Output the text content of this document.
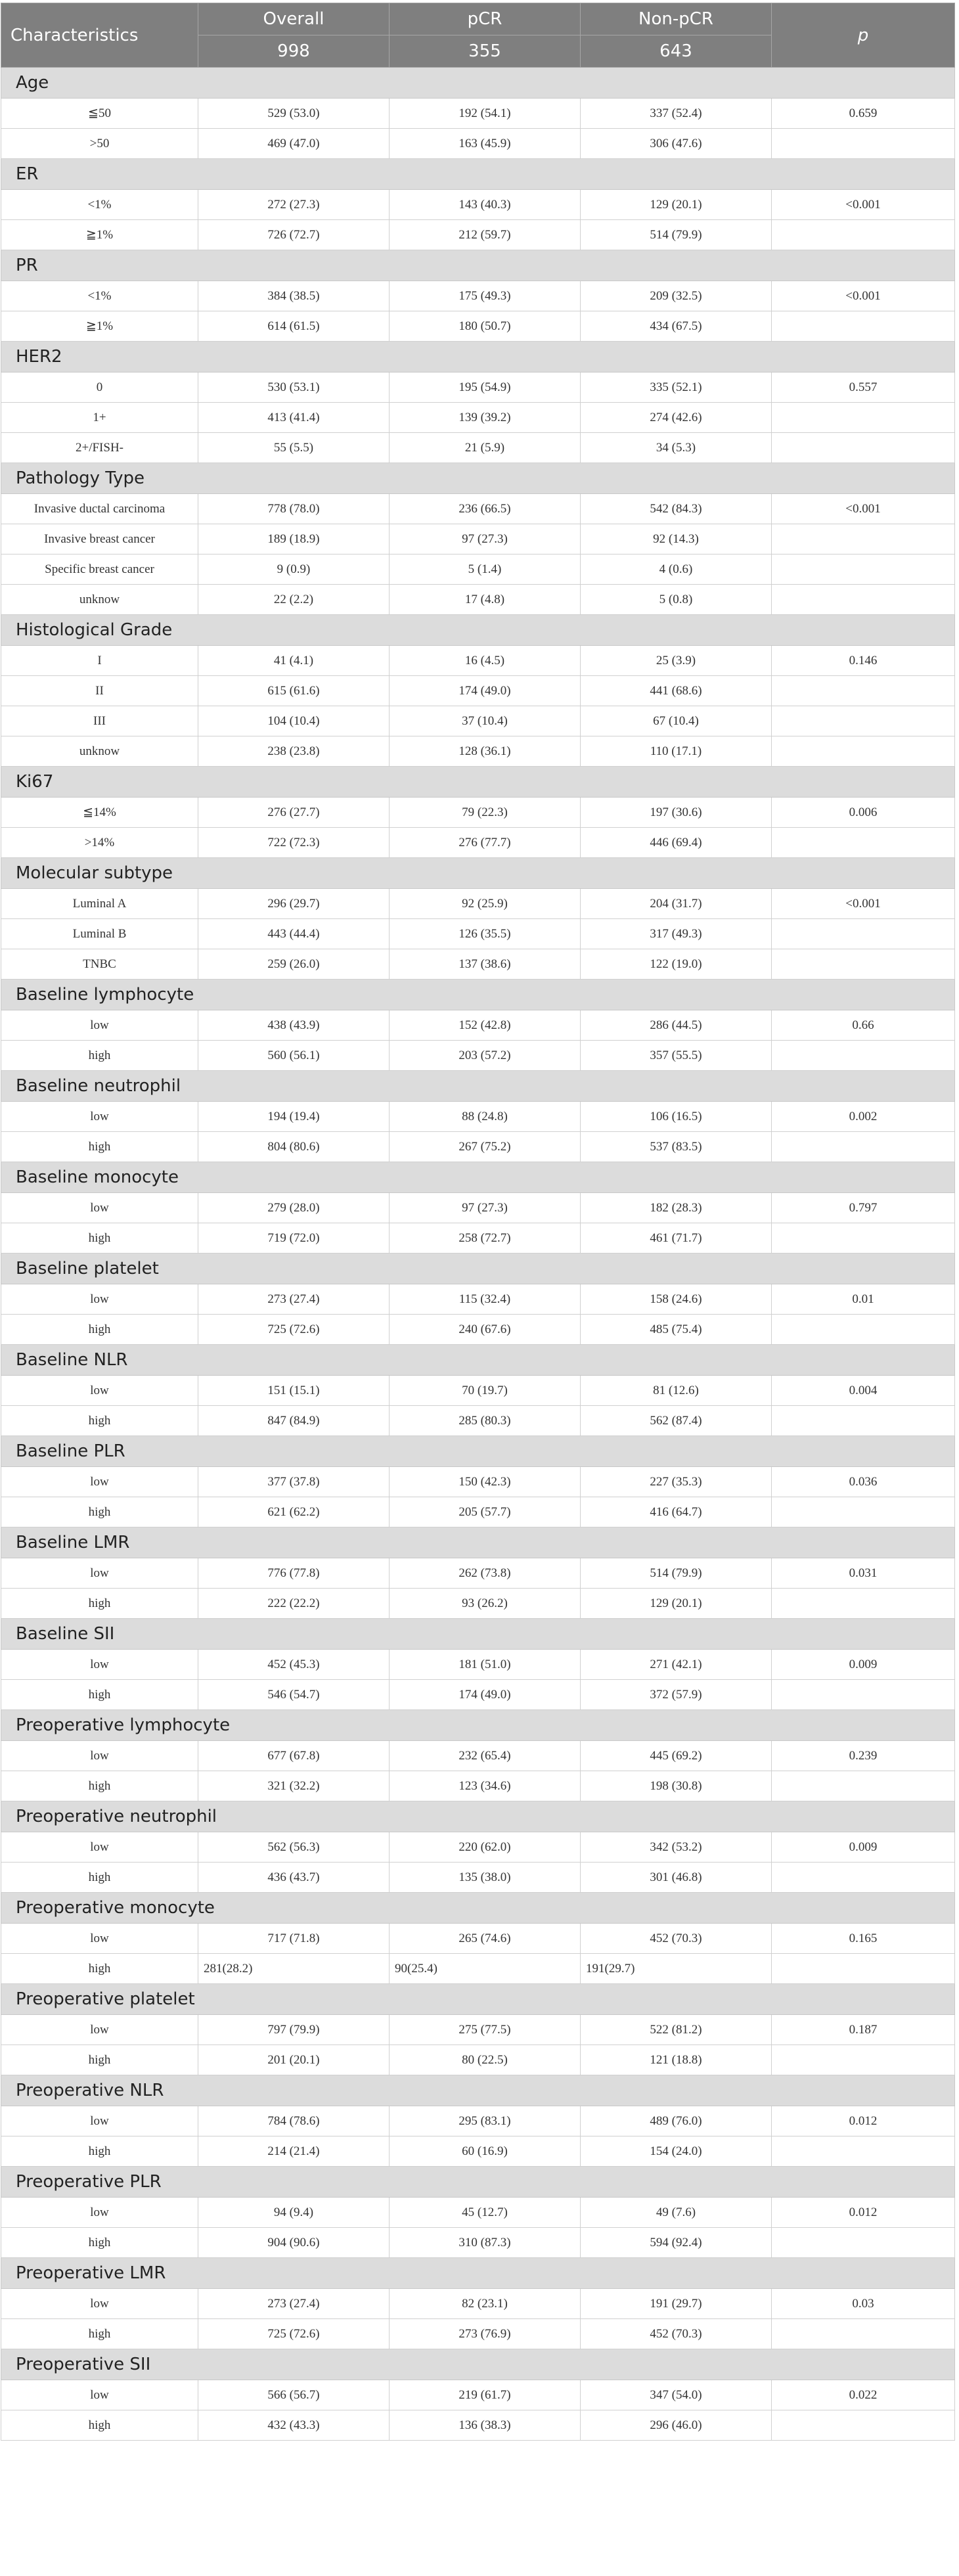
Characteristics	Overall	pCR	Non-pCR	p
	998	355	643	
Age				
≦50	529 (53.0)	192 (54.1)	337 (52.4)	0.659
>50	469 (47.0)	163 (45.9)	306 (47.6)	
ER				
<1%	272 (27.3)	143 (40.3)	129 (20.1)	<0.001
≧1%	726 (72.7)	212 (59.7)	514 (79.9)	
PR				
<1%	384 (38.5)	175 (49.3)	209 (32.5)	<0.001
≧1%	614 (61.5)	180 (50.7)	434 (67.5)	
HER2				
0	530 (53.1)	195 (54.9)	335 (52.1)	0.557
1+	413 (41.4)	139 (39.2)	274 (42.6)	
2+/FISH-	55 (5.5)	21 (5.9)	34 (5.3)	
Pathology Type				
Invasive ductal carcinoma	778 (78.0)	236 (66.5)	542 (84.3)	<0.001
Invasive breast cancer	189 (18.9)	97 (27.3)	92 (14.3)	
Specific breast cancer	9 (0.9)	5 (1.4)	4 (0.6)	
unknow	22 (2.2)	17 (4.8)	5 (0.8)	
Histological Grade				
I	41 (4.1)	16 (4.5)	25 (3.9)	0.146
II	615 (61.6)	174 (49.0)	441 (68.6)	
III	104 (10.4)	37 (10.4)	67 (10.4)	
unknow	238 (23.8)	128 (36.1)	110 (17.1)	
Ki67				
≦14%	276 (27.7)	79 (22.3)	197 (30.6)	0.006
>14%	722 (72.3)	276 (77.7)	446 (69.4)	
Molecular subtype				
Luminal A	296 (29.7)	92 (25.9)	204 (31.7)	<0.001
Luminal B	443 (44.4)	126 (35.5)	317 (49.3)	
TNBC	259 (26.0)	137 (38.6)	122 (19.0)	
Baseline lymphocyte				
low	438 (43.9)	152 (42.8)	286 (44.5)	0.66
high	560 (56.1)	203 (57.2)	357 (55.5)	
Baseline neutrophil				
low	194 (19.4)	88 (24.8)	106 (16.5)	0.002
high	804 (80.6)	267 (75.2)	537 (83.5)	
Baseline monocyte				
low	279 (28.0)	97 (27.3)	182 (28.3)	0.797
high	719 (72.0)	258 (72.7)	461 (71.7)	
Baseline platelet				
low	273 (27.4)	115 (32.4)	158 (24.6)	0.01
high	725 (72.6)	240 (67.6)	485 (75.4)	
Baseline NLR				
low	151 (15.1)	70 (19.7)	81 (12.6)	0.004
high	847 (84.9)	285 (80.3)	562 (87.4)	
Baseline PLR				
low	377 (37.8)	150 (42.3)	227 (35.3)	0.036
high	621 (62.2)	205 (57.7)	416 (64.7)	
Baseline LMR				
low	776 (77.8)	262 (73.8)	514 (79.9)	0.031
high	222 (22.2)	93 (26.2)	129 (20.1)	
Baseline SII				
low	452 (45.3)	181 (51.0)	271 (42.1)	0.009
high	546 (54.7)	174 (49.0)	372 (57.9)	
Preoperative lymphocyte				
low	677 (67.8)	232 (65.4)	445 (69.2)	0.239
high	321 (32.2)	123 (34.6)	198 (30.8)	
Preoperative neutrophil				
low	562 (56.3)	220 (62.0)	342 (53.2)	0.009
high	436 (43.7)	135 (38.0)	301 (46.8)	
Preoperative monocyte				
low	717 (71.8)	265 (74.6)	452 (70.3)	0.165
high	281(28.2)	90(25.4)	191(29.7)	
Preoperative platelet				
low	797 (79.9)	275 (77.5)	522 (81.2)	0.187
high	201 (20.1)	80 (22.5)	121 (18.8)	
Preoperative NLR				
low	784 (78.6)	295 (83.1)	489 (76.0)	0.012
high	214 (21.4)	60 (16.9)	154 (24.0)	
Preoperative PLR				
low	94 (9.4)	45 (12.7)	49 (7.6)	0.012
high	904 (90.6)	310 (87.3)	594 (92.4)	
Preoperative LMR				
low	273 (27.4)	82 (23.1)	191 (29.7)	0.03
high	725 (72.6)	273 (76.9)	452 (70.3)	
Preoperative SII				
low	566 (56.7)	219 (61.7)	347 (54.0)	0.022
high	432 (43.3)	136 (38.3)	296 (46.0)	
